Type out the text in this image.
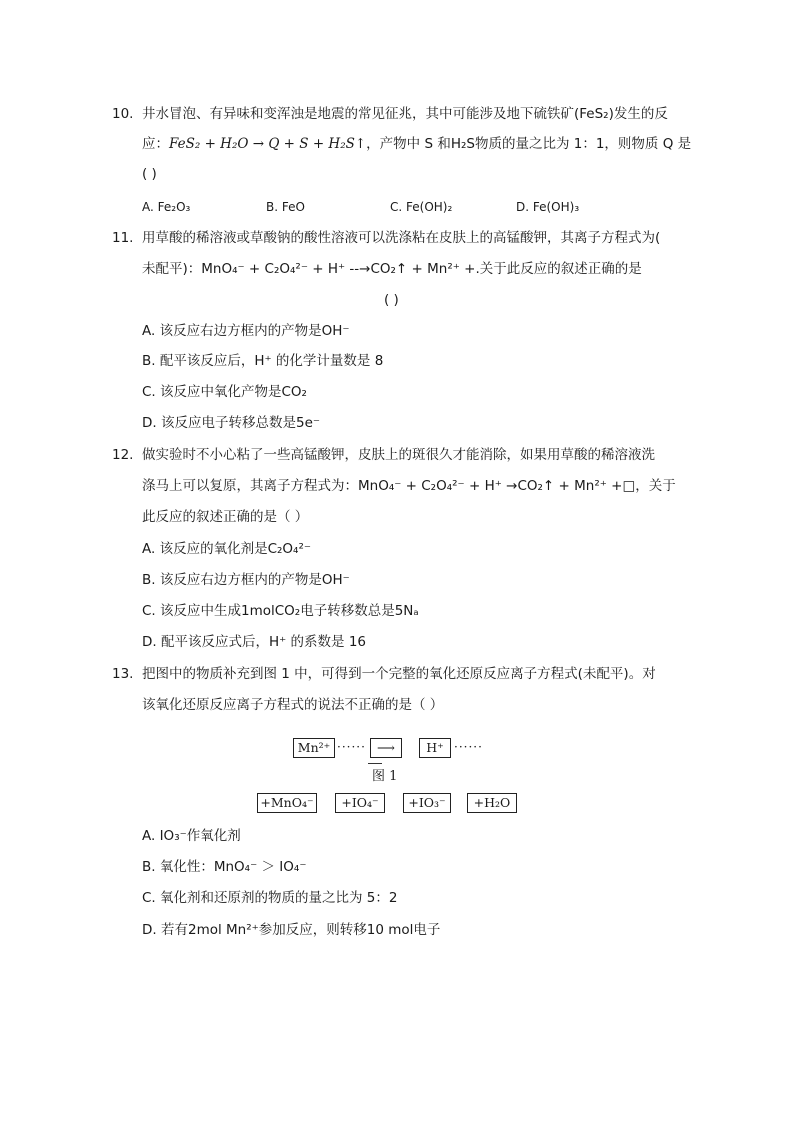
10. 井水冒泡、有异味和变浑浊是地震的常见征兆，其中可能涉及地下硫铁矿(FeS₂)发生的反
应：FeS₂ + H₂O → Q + S + H₂S↑，产物中 S 和H₂S物质的量之比为 1：1，则物质 Q 是
( )
A. Fe₂O₃	B. FeO	C. Fe(OH)₂	D. Fe(OH)₃
11. 用草酸的稀溶液或草酸钠的酸性溶液可以洗涤粘在皮肤上的高锰酸钾，其离子方程式为(
未配平)：MnO₄⁻ + C₂O₄²⁻ + H⁺ --→CO₂↑ + Mn²⁺ +.关于此反应的叙述正确的是
( )
A. 该反应右边方框内的产物是OH⁻
B. 配平该反应后，H⁺ 的化学计量数是 8
C. 该反应中氧化产物是CO₂
D. 该反应电子转移总数是5e⁻
12. 做实验时不小心粘了一些高锰酸钾，皮肤上的斑很久才能消除，如果用草酸的稀溶液洗
涤马上可以复原，其离子方程式为：MnO₄⁻ + C₂O₄²⁻ + H⁺ →CO₂↑ + Mn²⁺ +□，关于
此反应的叙述正确的是（ ）
A. 该反应的氧化剂是C₂O₄²⁻
B. 该反应右边方框内的产物是OH⁻
C. 该反应中生成1molCO₂电子转移数总是5Nₐ
D. 配平该反应式后，H⁺ 的系数是 16
13. 把图中的物质补充到图 1 中，可得到一个完整的氧化还原反应离子方程式(未配平)。对
该氧化还原反应离子方程式的说法不正确的是（ ）
Mn²⁺ ······ ⟶	H⁺ ······
图 1
+MnO₄⁻	+IO₄⁻	+IO₃⁻	+H₂O
A. IO₃⁻作氧化剂
B. 氧化性：MnO₄⁻ ＞ IO₄⁻
C. 氧化剂和还原剂的物质的量之比为 5：2
D. 若有2mol Mn²⁺参加反应，则转移10 mol电子
